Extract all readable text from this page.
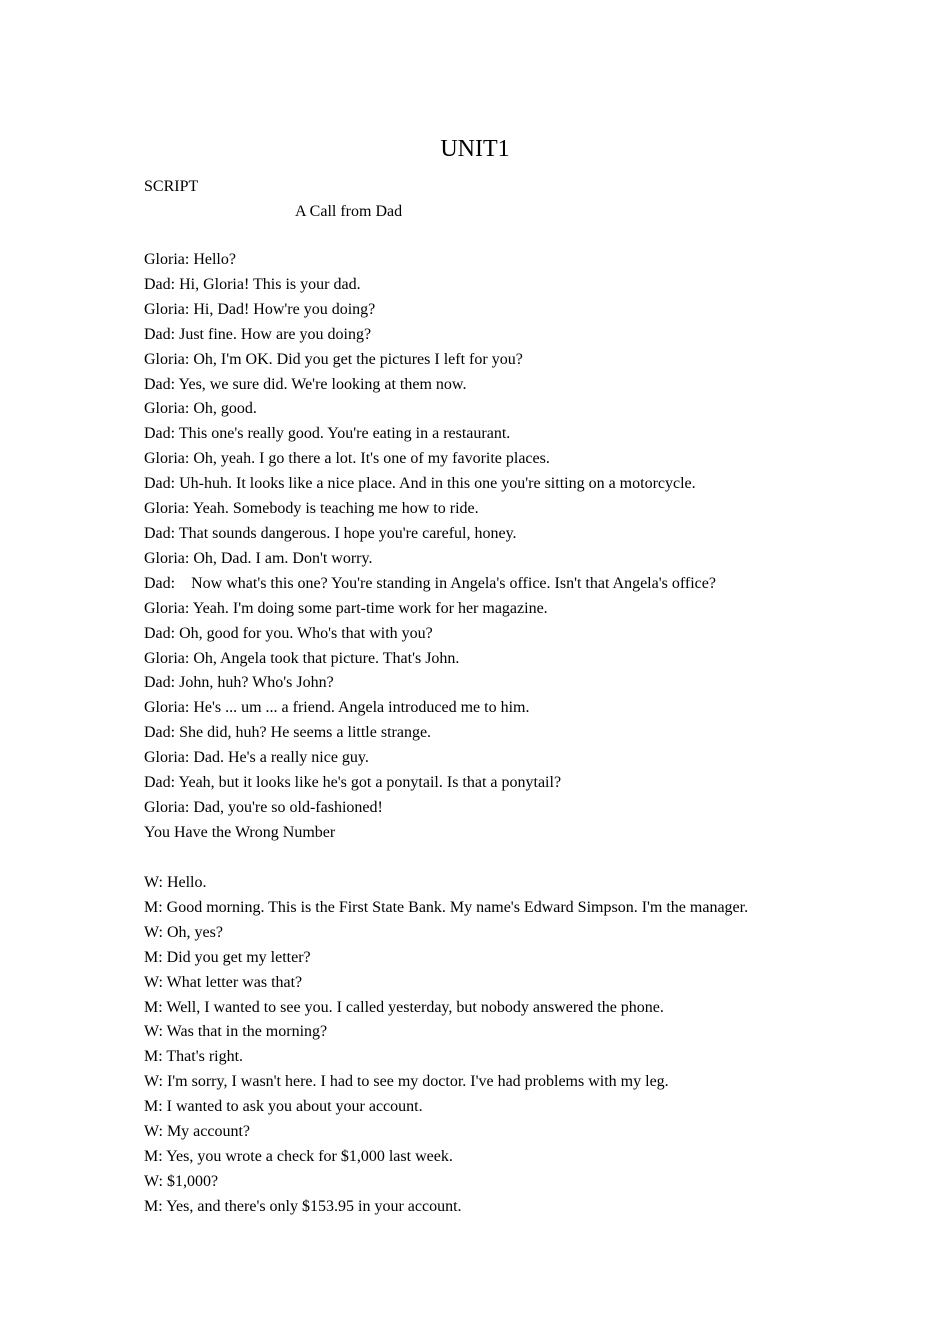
UNIT1

SCRIPT

A Call from Dad
Gloria: Hello?
Dad: Hi, Gloria! This is your dad.
Gloria: Hi, Dad! How're you doing?
Dad: Just fine. How are you doing?
Gloria: Oh, I'm OK. Did you get the pictures I left for you?
Dad: Yes, we sure did. We're looking at them now.
Gloria: Oh, good.
Dad: This one's really good. You're eating in a restaurant.
Gloria: Oh, yeah. I go there a lot. It's one of my favorite places.
Dad: Uh-huh. It looks like a nice place. And in this one you're sitting on a motorcycle.
Gloria: Yeah. Somebody is teaching me how to ride.
Dad: That sounds dangerous. I hope you're careful, honey.
Gloria: Oh, Dad. I am. Don't worry.
Dad:    Now what's this one? You're standing in Angela's office. Isn't that Angela's office?
Gloria: Yeah. I'm doing some part-time work for her magazine.
Dad: Oh, good for you. Who's that with you?
Gloria: Oh, Angela took that picture. That's John.
Dad: John, huh? Who's John?
Gloria: He's ... um ... a friend. Angela introduced me to him.
Dad: She did, huh? He seems a little strange.
Gloria: Dad. He's a really nice guy.
Dad: Yeah, but it looks like he's got a ponytail. Is that a ponytail?
Gloria: Dad, you're so old-fashioned!
You Have the Wrong Number
W: Hello.
M: Good morning. This is the First State Bank. My name's Edward Simpson. I'm the manager.
W: Oh, yes?
M: Did you get my letter?
W: What letter was that?
M: Well, I wanted to see you. I called yesterday, but nobody answered the phone.
W: Was that in the morning?
M: That's right.
W: I'm sorry, I wasn't here. I had to see my doctor. I've had problems with my leg.
M: I wanted to ask you about your account.
W: My account?
M: Yes, you wrote a check for $1,000 last week.
W: $1,000?
M: Yes, and there's only $153.95 in your account.
